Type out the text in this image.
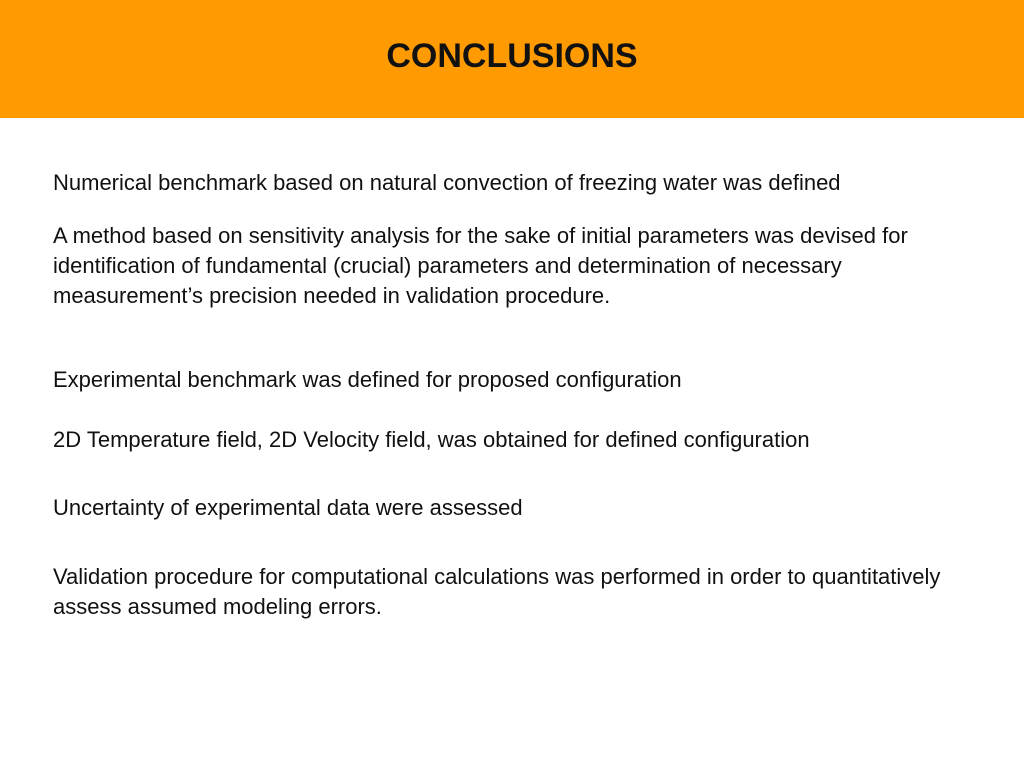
CONCLUSIONS

Numerical benchmark based on natural convection of freezing water was defined

A method based on sensitivity analysis for the sake of initial parameters was devised for identification of fundamental (crucial) parameters and determination of necessary measurement’s precision needed in validation procedure.

Experimental benchmark was defined for proposed configuration

2D Temperature field, 2D Velocity field, was obtained for defined configuration

Uncertainty of experimental data were assessed

Validation procedure for computational calculations was performed in order to quantitatively assess assumed modeling errors.
